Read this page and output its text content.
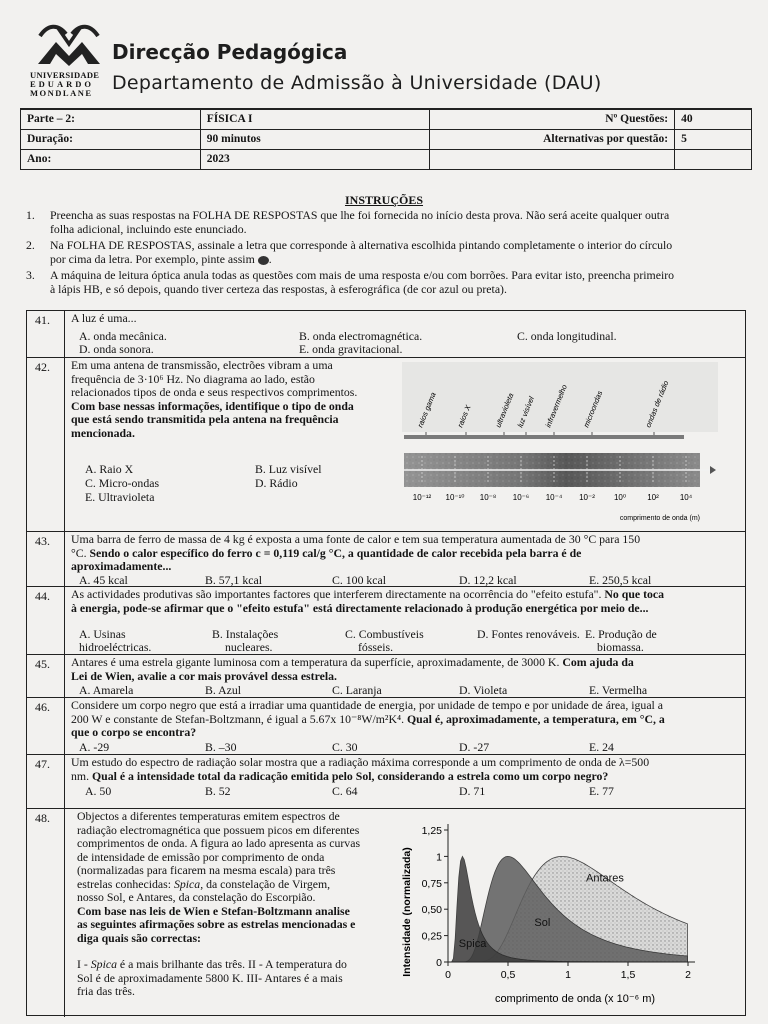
UNIVERSIDADE
EDUARDO
MONDLANE
Direcção Pedagógica
Departamento de Admissão à Universidade (DAU)
Parte – 2:	FÍSICA I	Nº Questões:	40
Duração:	90 minutos	Alternativas por questão:	5
Ano:	2023		
INSTRUÇÕES
1. Preencha as suas respostas na FOLHA DE RESPOSTAS que lhe foi fornecida no início desta prova. Não será aceite qualquer outra
folha adicional, incluindo este enunciado.
2. Na FOLHA DE RESPOSTAS, assinale a letra que corresponde à alternativa escolhida pintando completamente o interior do círculo
por cima da letra. Por exemplo, pinte assim .
3. A máquina de leitura óptica anula todas as questões com mais de uma resposta e/ou com borrões. Para evitar isto, preencha primeiro
à lápis HB, e só depois, quando tiver certeza das respostas, à esferográfica (de cor azul ou preta).
41.	A luz é uma...
A. onda mecânica.	B. onda electromagnética.	C. onda longitudinal.
D. onda sonora.	E. onda gravitacional.
42.	Em uma antena de transmissão, electrões vibram a uma
frequência de 3·10⁶ Hz. No diagrama ao lado, estão
relacionados tipos de onda e seus respectivos comprimentos.
Com base nessas informações, identifique o tipo de onda
que está sendo transmitida pela antena na frequência
mencionada.
A. Raio X	B. Luz visível
C. Micro-ondas	D. Rádio
E. Ultravioleta
43.	Uma barra de ferro de massa de 4 kg é exposta a uma fonte de calor e tem sua temperatura aumentada de 30 °C para 150
°C. Sendo o calor específico do ferro c = 0,119 cal/g °C, a quantidade de calor recebida pela barra é de
aproximadamente...
A. 45 kcal	B. 57,1 kcal	C. 100 kcal	D. 12,2 kcal	E. 250,5 kcal
44.	As actividades produtivas são importantes factores que interferem directamente na ocorrência do "efeito estufa". No que toca
à energia, pode-se afirmar que o "efeito estufa" está directamente relacionado à produção energética por meio de...
A. Usinas
hidroeléctricas.
B. Instalações
nucleares.
C. Combustíveis
fósseis.
D. Fontes renováveis. E. Produção de
biomassa.
45.	Antares é uma estrela gigante luminosa com a temperatura da superfície, aproximadamente, de 3000 K. Com ajuda da
Lei de Wien, avalie a cor mais provável dessa estrela.
A. Amarela	B. Azul	C. Laranja	D. Violeta	E. Vermelha
46.	Considere um corpo negro que está a irradiar uma quantidade de energia, por unidade de tempo e por unidade de área, igual a
200 W e constante de Stefan-Boltzmann, é igual a 5.67x 10⁻⁸W/m²K⁴. Qual é, aproximadamente, a temperatura, em °C, a
que o corpo se encontra?
A. -29	B. –30	C. 30	D. -27	E. 24
47.	Um estudo do espectro de radiação solar mostra que a radiação máxima corresponde a um comprimento de onda de λ=500
nm. Qual é a intensidade total da radicação emitida pelo Sol, considerando a estrela como um corpo negro?
A. 50	B. 52	C. 64	D. 71	E. 77
48.	Objectos a diferentes temperaturas emitem espectros de
radiação electromagnética que possuem picos em diferentes
comprimentos de onda. A figura ao lado apresenta as curvas
de intensidade de emissão por comprimento de onda
(normalizadas para ficarem na mesma escala) para três
estrelas conhecidas: Spica, da constelação de Virgem,
nosso Sol, e Antares, da constelação do Escorpião.
Com base nas leis de Wien e Stefan-Boltzmann analise
as seguintes afirmações sobre as estrelas mencionadas e
diga quais são correctas:
I - Spica é a mais brilhante das três. II - A temperatura do
Sol é de aproximadamente 5800 K. III- Antares é a mais
fria das três.
raios gama raios X	ultravioleta luz visível infravermelho microondas	ondas de rádio
10⁻¹² 10⁻¹⁰ 10⁻⁸ 10⁻⁶ 10⁻⁴ 10⁻² 10⁰	10²	10⁴
comprimento de onda (m)
Intensidade (normalizada) 0
0,25
0,50
0,75
1
1,25
0	0,5	1	1,5	2
Antares
Sol
Spica
comprimento de onda (x 10⁻⁶ m)
